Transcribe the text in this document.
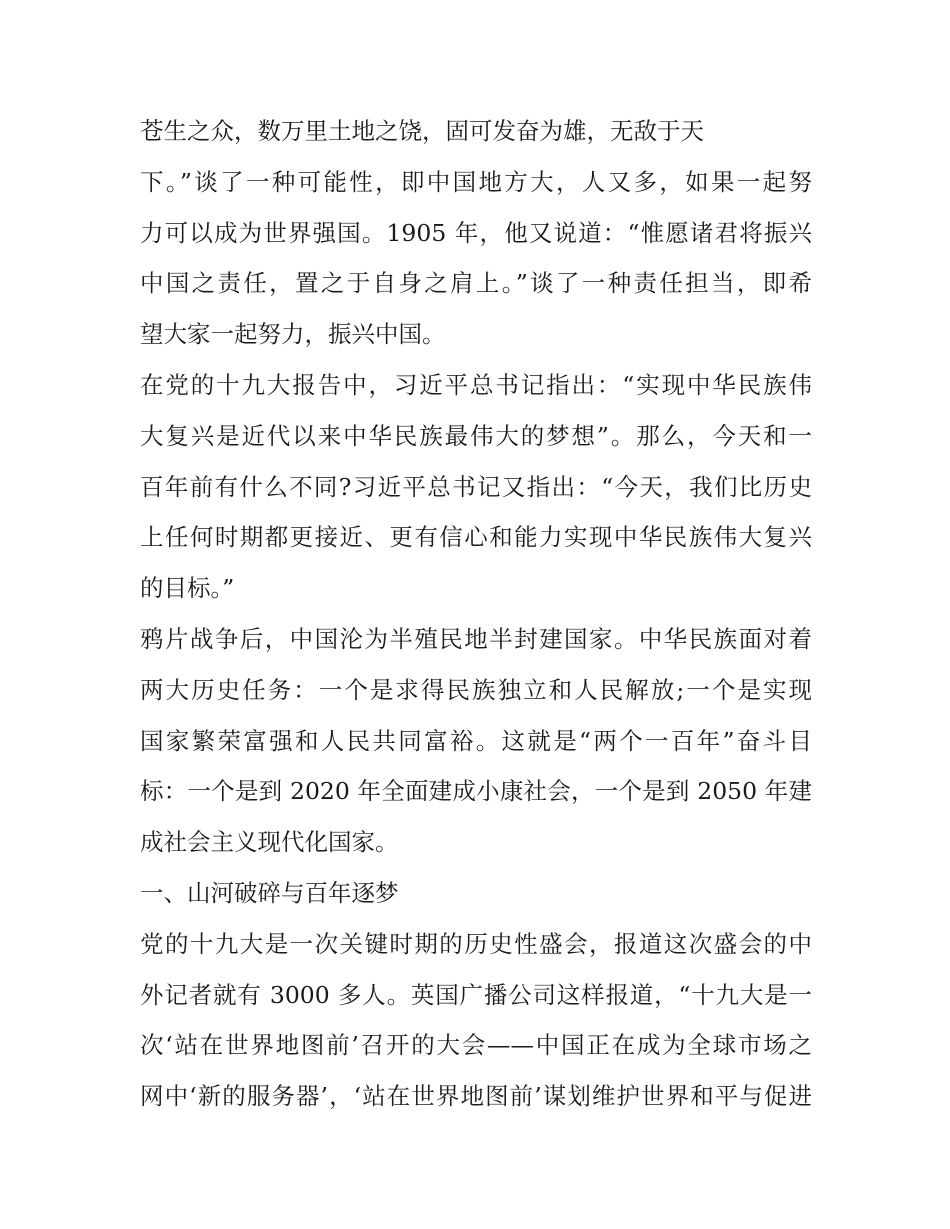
苍生之众，数万里土地之饶，固可发奋为雄，无敌于天
下。”谈了一种可能性，即中国地方大，人又多，如果一起努
力可以成为世界强国。1905 年，他又说道：“惟愿诸君将振兴
中国之责任，置之于自身之肩上。”谈了一种责任担当，即希
望大家一起努力，振兴中国。
在党的十九大报告中，习近平总书记指出：“实现中华民族伟
大复兴是近代以来中华民族最伟大的梦想”。那么，今天和一
百年前有什么不同?习近平总书记又指出：“今天，我们比历史
上任何时期都更接近、更有信心和能力实现中华民族伟大复兴
的目标。”
鸦片战争后，中国沦为半殖民地半封建国家。中华民族面对着
两大历史任务：一个是求得民族独立和人民解放;一个是实现
国家繁荣富强和人民共同富裕。这就是“两个一百年”奋斗目
标：一个是到 2020 年全面建成小康社会，一个是到 2050 年建
成社会主义现代化国家。
一、山河破碎与百年逐梦
党的十九大是一次关键时期的历史性盛会，报道这次盛会的中
外记者就有 3000 多人。英国广播公司这样报道，“十九大是一
次‘站在世界地图前’召开的大会——中国正在成为全球市场之
网中‘新的服务器’，‘站在世界地图前’谋划维护世界和平与促进
